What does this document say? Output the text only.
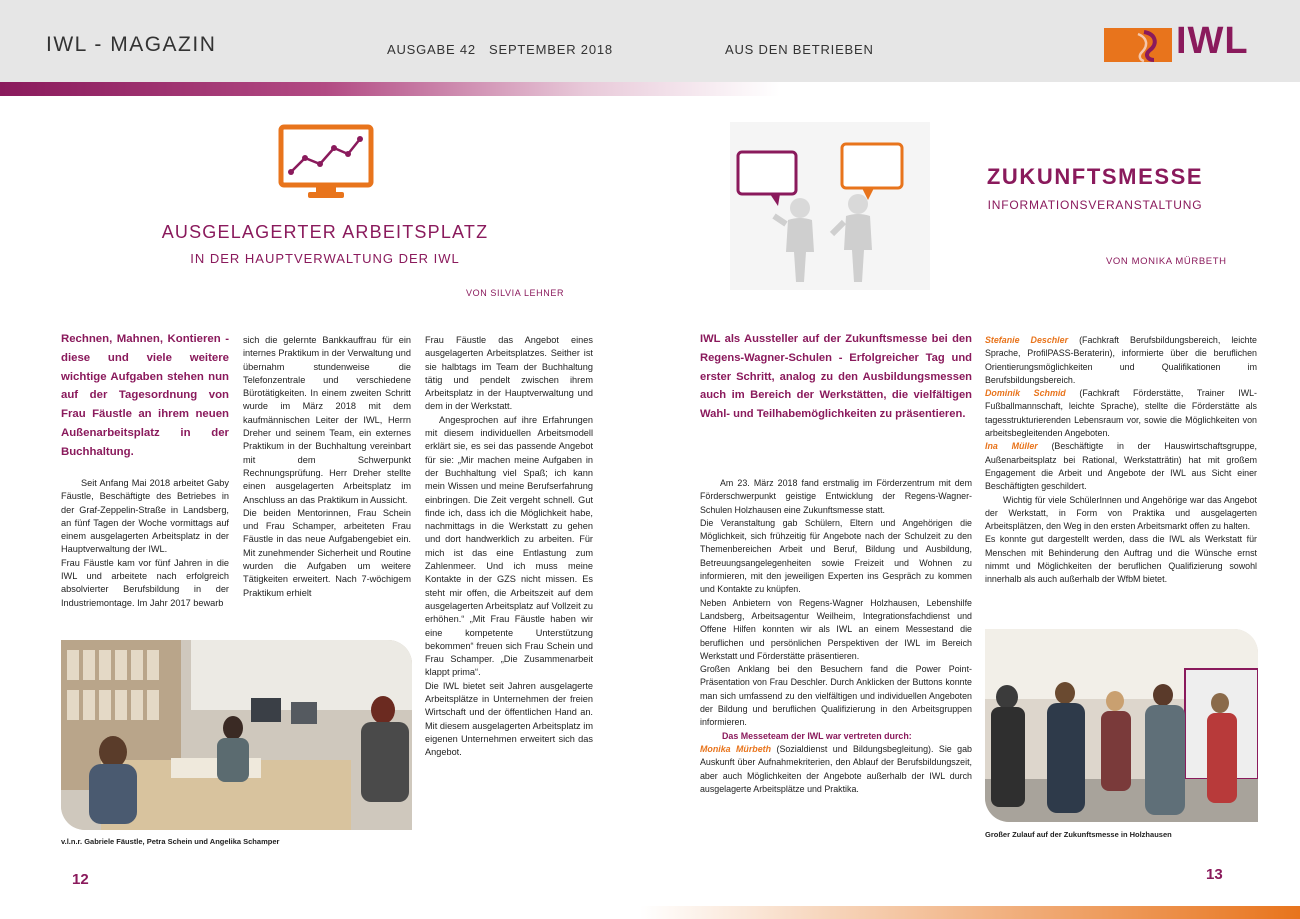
IWL - MAGAZIN	AUSGABE 42 SEPTEMBER 2018	AUS DEN BETRIEBEN	IWL
AUSGELAGERTER ARBEITSPLATZ
IN DER HAUPTVERWALTUNG DER IWL
VON SILVIA LEHNER
Rechnen, Mahnen, Kontieren - diese und viele weitere wichtige Aufgaben stehen nun auf der Tagesordnung von Frau Fäustle an ihrem neuen Außenarbeitsplatz in der Buchhaltung.

Seit Anfang Mai 2018 arbeitet Gaby Fäustle, Beschäftigte des Betriebes in der Graf-Zeppelin-Straße in Landsberg, an fünf Tagen der Woche vormittags auf einem ausgelagerten Arbeitsplatz in der Hauptverwaltung der IWL.

Frau Fäustle kam vor fünf Jahren in die IWL und arbeitete nach erfolgreich absolvierter Berufsbildung in der Industriemontage. Im Jahr 2017 bewarb

sich die gelernte Bankkauffrau für ein internes Praktikum in der Verwaltung und übernahm stundenweise die Telefonzentrale und verschiedene Bürotätigkeiten. In einem zweiten Schritt wurde im März 2018 mit dem kaufmännischen Leiter der IWL, Herrn Dreher und seinem Team, ein externes Praktikum in der Buchhaltung vereinbart mit dem Schwerpunkt Rechnungsprüfung. Herr Dreher stellte einen ausgelagerten Arbeitsplatz im Anschluss an das Praktikum in Aussicht.

Die beiden Mentorinnen, Frau Schein und Frau Schamper, arbeiteten Frau Fäustle in das neue Aufgabengebiet ein. Mit zunehmender Sicherheit und Routine wurden die Aufgaben um weitere Tätigkeiten erweitert. Nach 7-wöchigem Praktikum erhielt

Frau Fäustle das Angebot eines ausgelagerten Arbeitsplatzes. Seither ist sie halbtags im Team der Buchhaltung tätig und pendelt zwischen ihrem Arbeitsplatz in der Hauptverwaltung und dem in der Werkstatt.

Angesprochen auf ihre Erfahrungen mit diesem individuellen Arbeitsmodell erklärt sie, es sei das passende Angebot für sie: „Mir machen meine Aufgaben in der Buchhaltung viel Spaß; ich kann mein Wissen und meine Berufserfahrung einbringen. Die Zeit vergeht schnell. Gut finde ich, dass ich die Möglichkeit habe, nachmittags in die Werkstatt zu gehen und dort handwerklich zu arbeiten. Für mich ist das eine Entlastung zum Zahlenmeer. Und ich muss meine Kontakte in der GZS nicht missen. Es steht mir offen, die Arbeitszeit auf dem ausgelagerten Arbeitsplatz auf Vollzeit zu erhöhen.“ „Mit Frau Fäustle haben wir eine kompetente Unterstützung bekommen“ freuen sich Frau Schein und Frau Schamper. „Die Zusammenarbeit klappt prima“.

Die IWL bietet seit Jahren ausgelagerte Arbeitsplätze in Unternehmen der freien Wirtschaft und der öffentlichen Hand an. Mit diesem ausgelagerten Arbeitsplatz im eigenen Unternehmen erweitert sich das Angebot.

v.l.n.r. Gabriele Fäustle, Petra Schein und Angelika Schamper
12
ZUKUNFTSMESSE
INFORMATIONSVERANSTALTUNG
VON MONIKA MÜRBETH
IWL als Aussteller auf der Zukunftsmesse bei den Regens-Wagner-Schulen - Erfolgreicher Tag und erster Schritt, analog zu den Ausbildungsmessen auch im Bereich der Werkstätten, die vielfältigen Wahl- und Teilhabemöglichkeiten zu präsentieren.

Am 23. März 2018 fand erstmalig im Förderzentrum mit dem Förderschwerpunkt geistige Entwicklung der Regens-Wagner-Schulen Holzhausen eine Zukunftsmesse statt.

Die Veranstaltung gab Schülern, Eltern und Angehörigen die Möglichkeit, sich frühzeitig für Angebote nach der Schulzeit zu den Themenbereichen Arbeit und Beruf, Bildung und Ausbildung, Betreuungsangelegenheiten sowie Freizeit und Wohnen zu informieren, mit den jeweiligen Experten ins Gespräch zu kommen und Kontakte zu knüpfen.

Neben Anbietern von Regens-Wagner Holzhausen, Lebenshilfe Landsberg, Arbeitsagentur Weilheim, Integrationsfachdienst und Offene Hilfen konnten wir als IWL an einem Messestand die beruflichen und persönlichen Perspektiven der IWL im Bereich Werkstatt und Förderstätte präsentieren.

Großen Anklang bei den Besuchern fand die Power Point-Präsentation von Frau Deschler. Durch Anklicken der Buttons konnte man sich umfassend zu den vielfältigen und individuellen Angeboten der Bildung und beruflichen Qualifizierung in den Arbeitsgruppen informieren.

Das Messeteam der IWL war vertreten durch:

Monika Mürbeth (Sozialdienst und Bildungsbegleitung). Sie gab Auskunft über Aufnahmekriterien, den Ablauf der Berufsbildungszeit, aber auch Möglichkeiten der Angebote außerhalb der IWL durch ausgelagerte Arbeitsplätze und Praktika.

Stefanie Deschler (Fachkraft Berufsbildungsbereich, leichte Sprache, ProfilPASS-Beraterin), informierte über die beruflichen Orientierungsmöglichkeiten und Qualifikationen im Berufsbildungsbereich.

Dominik Schmid (Fachkraft Förderstätte, Trainer IWL-Fußballmannschaft, leichte Sprache), stellte die Förderstätte als tagesstrukturierenden Lebensraum vor, sowie die Möglichkeiten von arbeitsbegleitenden Angeboten.

Ina Müller (Beschäftigte in der Hauswirtschaftsgruppe, Außenarbeitsplatz bei Rational, Werkstatträtin) hat mit großem Engagement die Arbeit und Angebote der IWL aus Sicht einer Beschäftigten geschildert.

Wichtig für viele SchülerInnen und Angehörige war das Angebot der Werkstatt, in Form von Praktika und ausgelagerten Arbeitsplätzen, den Weg in den ersten Arbeitsmarkt offen zu halten.

Es konnte gut dargestellt werden, dass die IWL als Werkstatt für Menschen mit Behinderung den Auftrag und die Wünsche ernst nimmt und Möglichkeiten der beruflichen Qualifizierung sowohl innerhalb als auch außerhalb der WfbM bietet.

Großer Zulauf auf der Zukunftsmesse in Holzhausen
13
